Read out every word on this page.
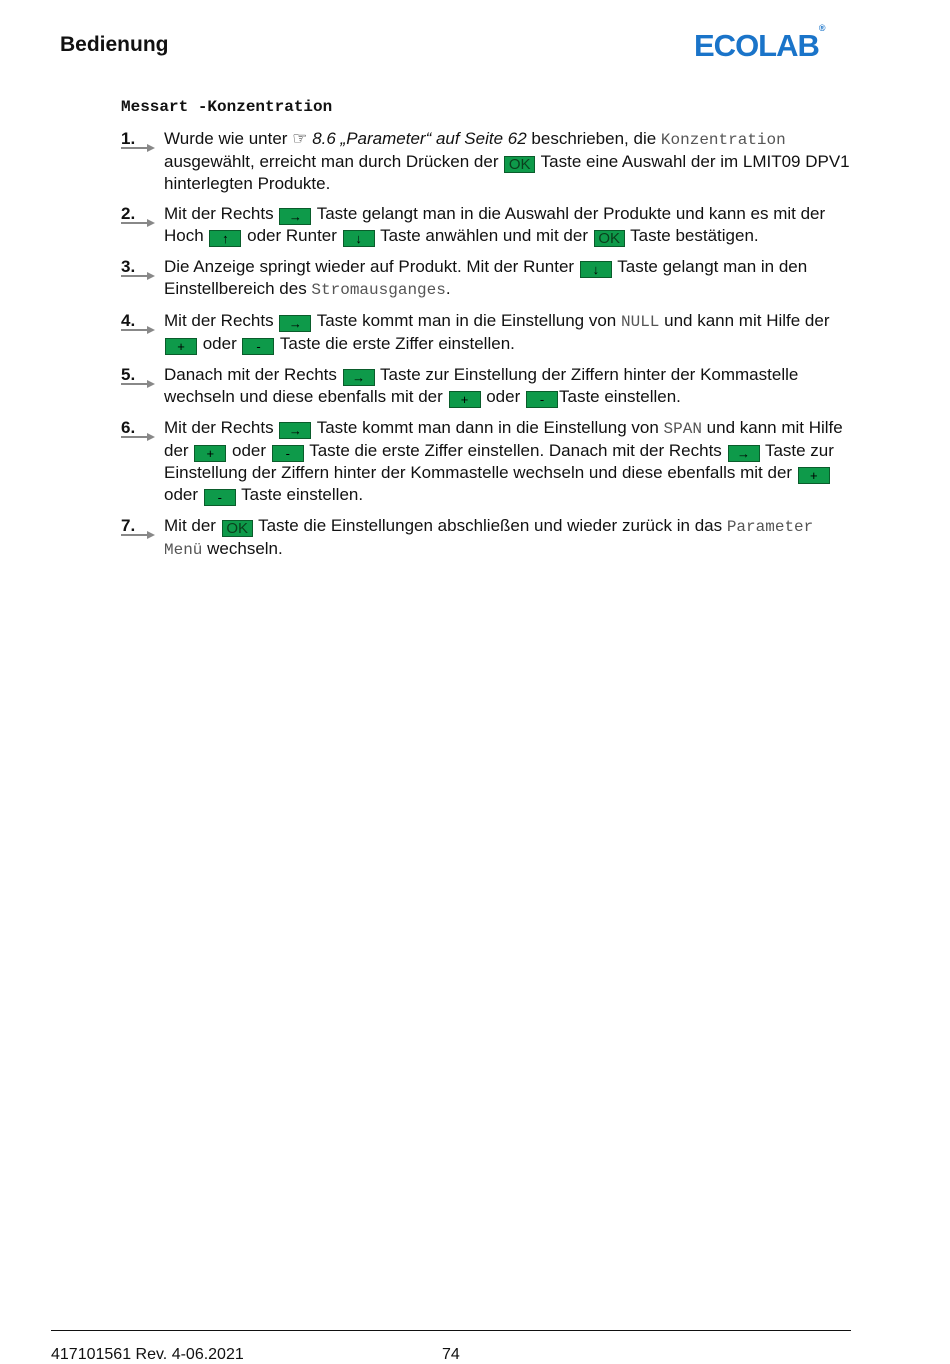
Bedienung	ECOLAB®
Messart -Konzentration
1. Wurde wie unter ☞ 8.6 „Parameter“ auf Seite 62 beschrieben, die Konzentration ausgewählt, erreicht man durch Drücken der OK Taste eine Auswahl der im LMIT09 DPV1 hinterlegten Produkte.
2. Mit der Rechts → Taste gelangt man in die Auswahl der Produkte und kann es mit der Hoch ↑ oder Runter ↓ Taste anwählen und mit der OK Taste bestätigen.
3. Die Anzeige springt wieder auf Produkt. Mit der Runter ↓ Taste gelangt man in den Einstellbereich des Stromausganges.
4. Mit der Rechts → Taste kommt man in die Einstellung von NULL und kann mit Hilfe der + oder - Taste die erste Ziffer einstellen.
5. Danach mit der Rechts → Taste zur Einstellung der Ziffern hinter der Kommastelle wechseln und diese ebenfalls mit der + oder - Taste einstellen.
6. Mit der Rechts → Taste kommt man dann in die Einstellung von SPAN und kann mit Hilfe der + oder - Taste die erste Ziffer einstellen. Danach mit der Rechts → Taste zur Einstellung der Ziffern hinter der Kommastelle wechseln und diese ebenfalls mit der + oder - Taste einstellen.
7. Mit der OK Taste die Einstellungen abschließen und wieder zurück in das Parameter Menü wechseln.
417101561 Rev. 4-06.2021	74
